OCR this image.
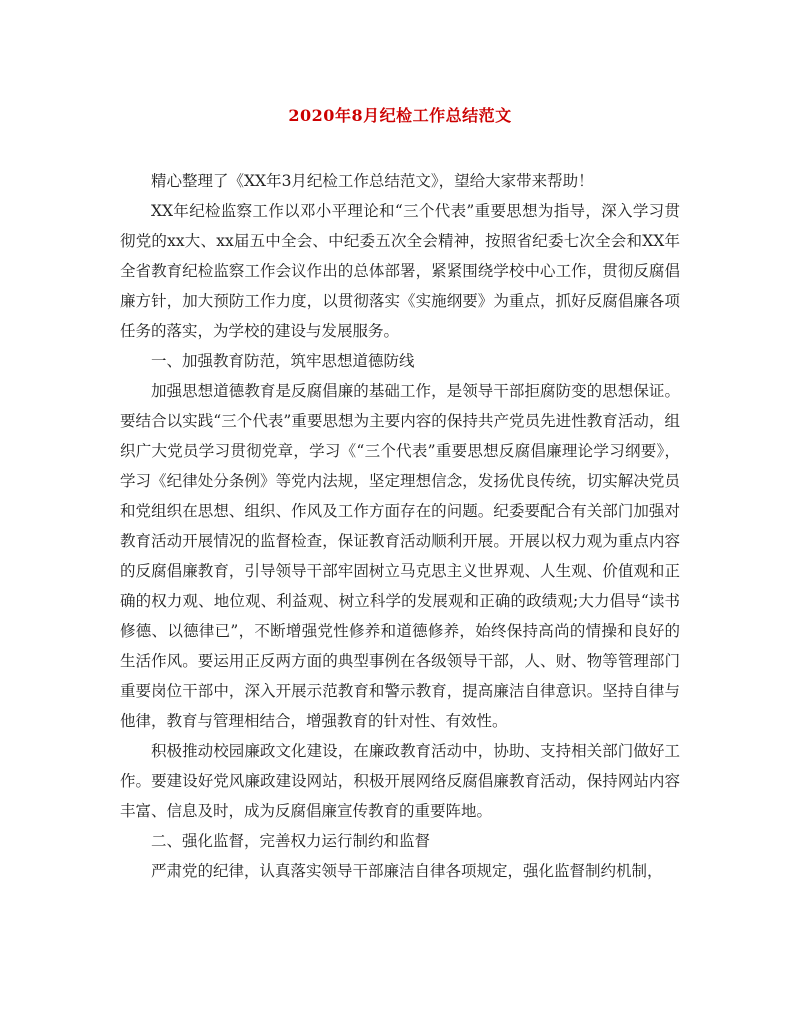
2020年8月纪检工作总结范文

精心整理了《XX年3月纪检工作总结范文》，望给大家带来帮助！

XX年纪检监察工作以邓小平理论和“三个代表”重要思想为指导，深入学习贯彻党的xx大、xx届五中全会、中纪委五次全会精神，按照省纪委七次全会和XX年全省教育纪检监察工作会议作出的总体部署，紧紧围绕学校中心工作，贯彻反腐倡廉方针，加大预防工作力度，以贯彻落实《实施纲要》为重点，抓好反腐倡廉各项任务的落实，为学校的建设与发展服务。

一、加强教育防范，筑牢思想道德防线

加强思想道德教育是反腐倡廉的基础工作，是领导干部拒腐防变的思想保证。要结合以实践“三个代表”重要思想为主要内容的保持共产党员先进性教育活动，组织广大党员学习贯彻党章，学习《“三个代表”重要思想反腐倡廉理论学习纲要》，学习《纪律处分条例》等党内法规，坚定理想信念，发扬优良传统，切实解决党员和党组织在思想、组织、作风及工作方面存在的问题。纪委要配合有关部门加强对教育活动开展情况的监督检查，保证教育活动顺利开展。开展以权力观为重点内容的反腐倡廉教育，引导领导干部牢固树立马克思主义世界观、人生观、价值观和正确的权力观、地位观、利益观、树立科学的发展观和正确的政绩观;大力倡导“读书修德、以德律已”，不断增强党性修养和道德修养，始终保持高尚的情操和良好的生活作风。要运用正反两方面的典型事例在各级领导干部，人、财、物等管理部门重要岗位干部中，深入开展示范教育和警示教育，提高廉洁自律意识。坚持自律与他律，教育与管理相结合，增强教育的针对性、有效性。

积极推动校园廉政文化建设，在廉政教育活动中，协助、支持相关部门做好工作。要建设好党风廉政建设网站，积极开展网络反腐倡廉教育活动，保持网站内容丰富、信息及时，成为反腐倡廉宣传教育的重要阵地。

二、强化监督，完善权力运行制约和监督

严肃党的纪律，认真落实领导干部廉洁自律各项规定，强化监督制约机制，
